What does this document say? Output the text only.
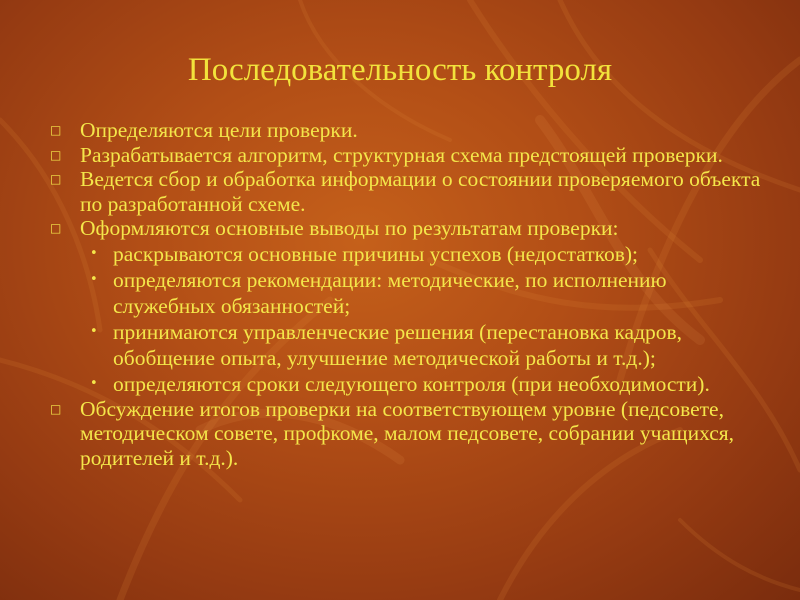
Последовательность контроля
□ Определяются цели проверки.
□ Разрабатывается алгоритм, структурная схема предстоящей проверки.
□ Ведется сбор и обработка информации о состоянии проверяемого объекта по разработанной схеме.
□ Оформляются основные выводы по результатам проверки:
• раскрываются основные причины успехов (недостатков);
• определяются рекомендации: методические, по исполнению служебных обязанностей;
• принимаются управленческие решения (перестановка кадров, обобщение опыта, улучшение методической работы и т.д.);
• определяются сроки следующего контроля (при необходимости).
□ Обсуждение итогов проверки на соответствующем уровне (педсовете, методическом совете, профкоме, малом педсовете, собрании учащихся, родителей и т.д.).
